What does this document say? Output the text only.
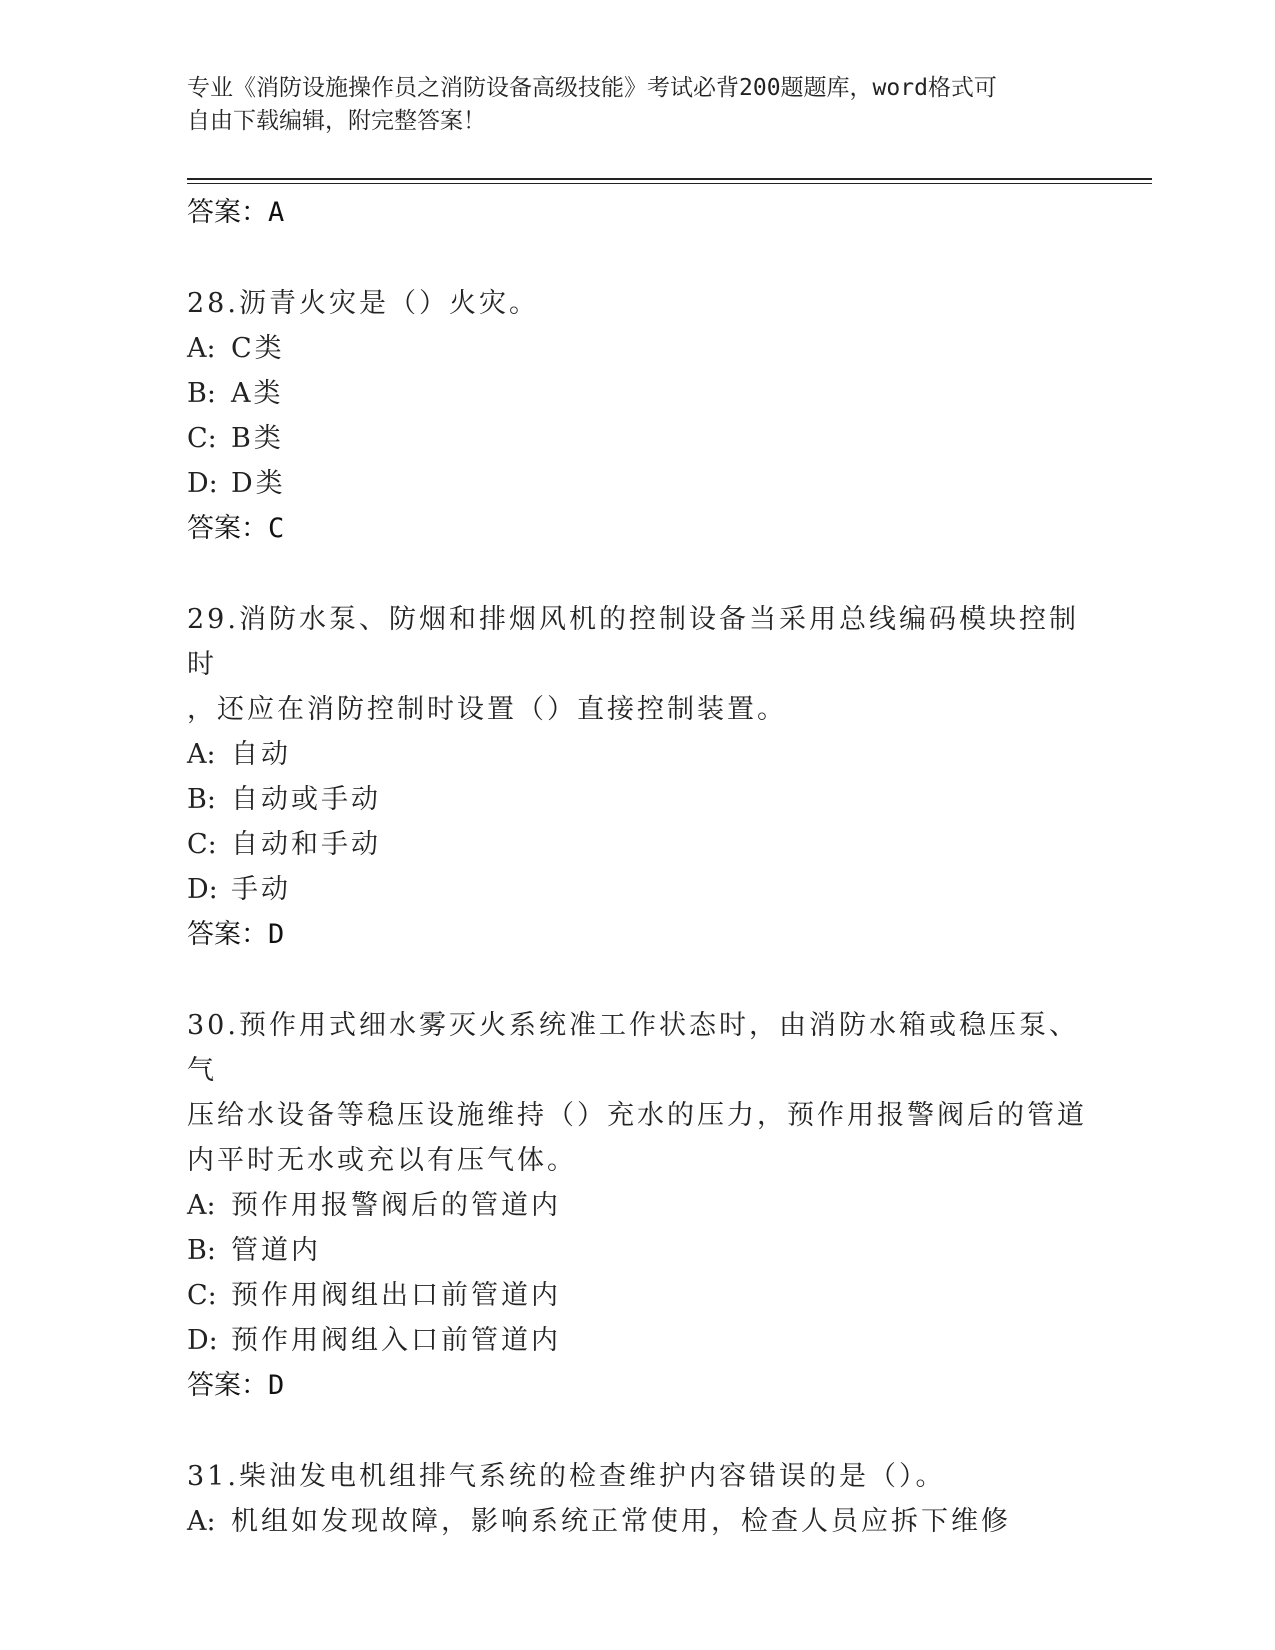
专业《消防设施操作员之消防设备高级技能》考试必背200题题库，word格式可
自由下载编辑，附完整答案！
答案：A
28.沥青火灾是（）火灾。
A: C类
B: A类
C: B类
D: D类
答案：C
29.消防水泵、防烟和排烟风机的控制设备当采用总线编码模块控制时
，还应在消防控制时设置（）直接控制装置。
A: 自动
B: 自动或手动
C: 自动和手动
D: 手动
答案：D
30.预作用式细水雾灭火系统准工作状态时，由消防水箱或稳压泵、气
压给水设备等稳压设施维持（）充水的压力，预作用报警阀后的管道
内平时无水或充以有压气体。
A: 预作用报警阀后的管道内
B: 管道内
C: 预作用阀组出口前管道内
D: 预作用阀组入口前管道内
答案：D
31.柴油发电机组排气系统的检查维护内容错误的是（）。
A: 机组如发现故障，影响系统正常使用，检查人员应拆下维修
